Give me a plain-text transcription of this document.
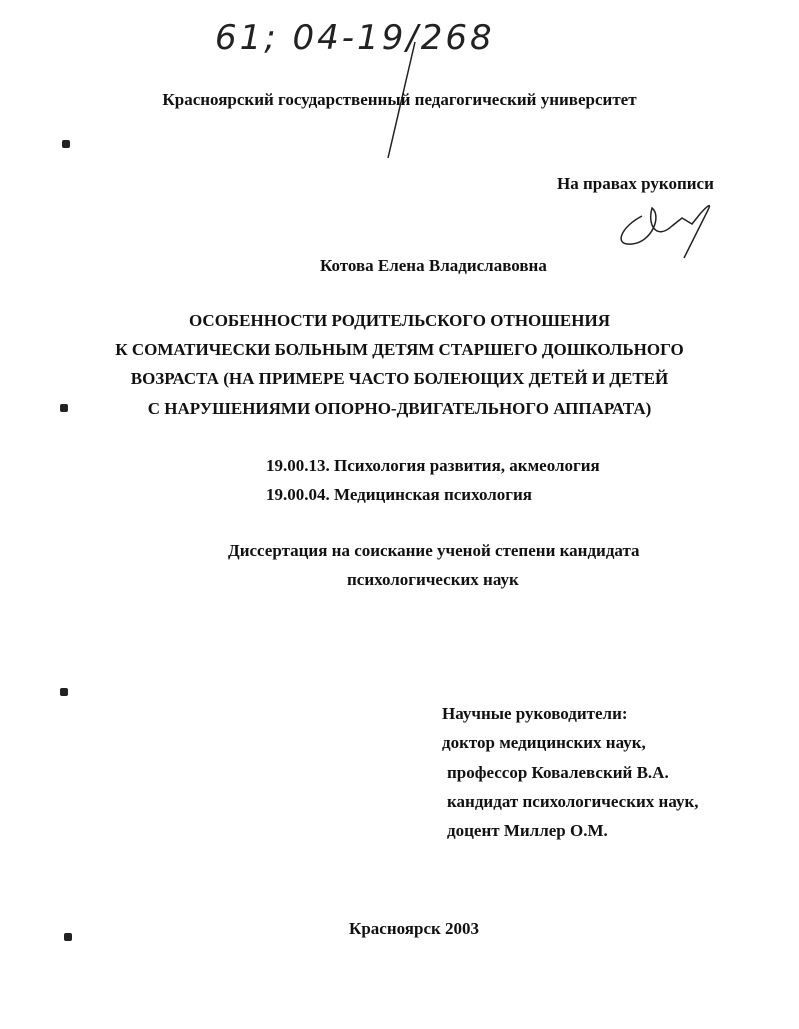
61; 04-19/268
Красноярский государственный педагогический университет
На правах рукописи
Котова Елена Владиславовна
ОСОБЕННОСТИ РОДИТЕЛЬСКОГО ОТНОШЕНИЯ
К СОМАТИЧЕСКИ БОЛЬНЫМ ДЕТЯМ СТАРШЕГО ДОШКОЛЬНОГО
ВОЗРАСТА (НА ПРИМЕРЕ ЧАСТО БОЛЕЮЩИХ ДЕТЕЙ И ДЕТЕЙ
С НАРУШЕНИЯМИ ОПОРНО-ДВИГАТЕЛЬНОГО АППАРАТА)
19.00.13. Психология развития, акмеология
19.00.04. Медицинская психология
Диссертация на соискание ученой степени кандидата
психологических наук
Научные руководители:
доктор медицинских наук,
профессор Ковалевский В.А.
кандидат психологических наук,
доцент Миллер О.М.
Красноярск 2003
